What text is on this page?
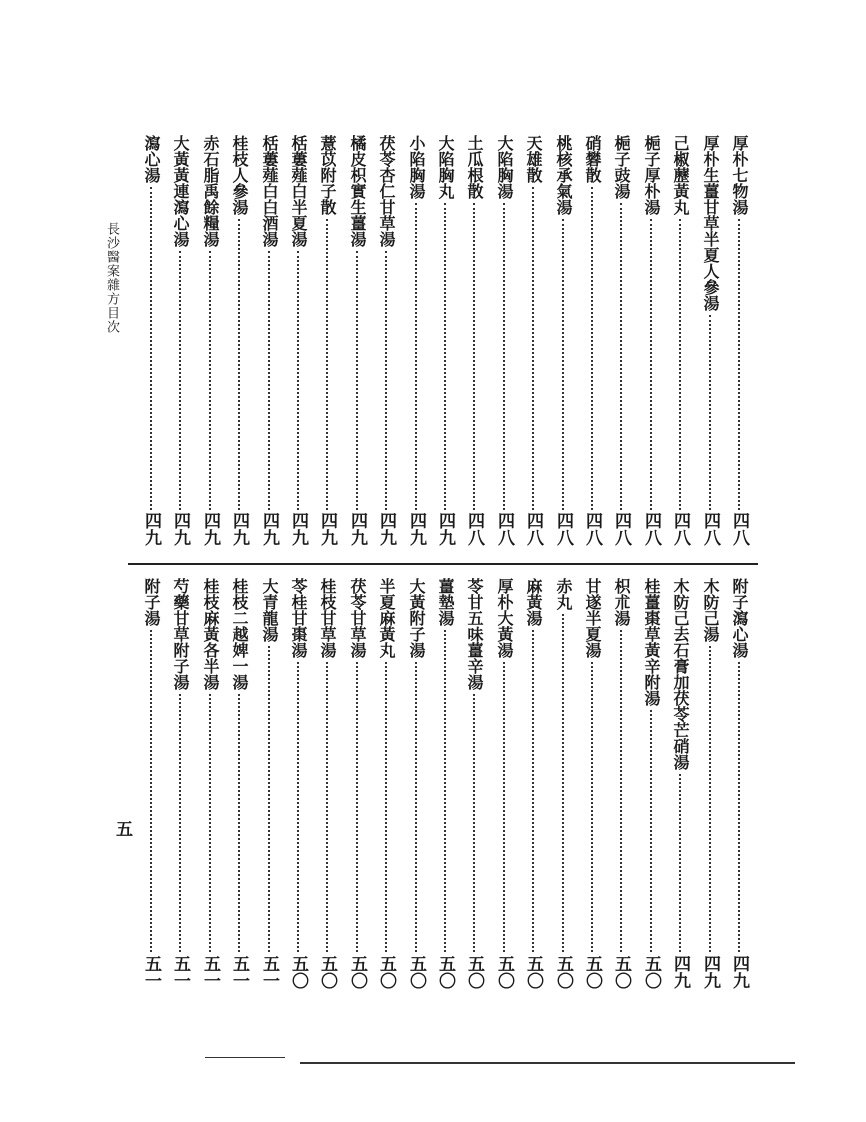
長沙醫案雜方目次
五
厚朴七物湯
四八
厚朴生薑甘草半夏人參湯
四八
己椒藶黃丸
四八
梔子厚朴湯
四八
梔子豉湯
四八
硝礬散
四八
桃核承氣湯
四八
天雄散
四八
大陷胸湯
四八
土瓜根散
四八
大陷胸丸
四九
小陷胸湯
四九
茯苓杏仁甘草湯
四九
橘皮枳實生薑湯
四九
薏苡附子散
四九
栝蔞薤白半夏湯
四九
栝蔞薤白白酒湯
四九
桂枝人參湯
四九
赤石脂禹餘糧湯
四九
大黃黃連瀉心湯
四九
瀉心湯
四九
附子瀉心湯
四九
木防己湯
四九
木防己去石膏加茯苓芒硝湯
四九
桂薑棗草黃辛附湯
五〇
枳朮湯
五〇
甘遂半夏湯
五〇
赤丸
五〇
麻黃湯
五〇
厚朴大黃湯
五〇
苓甘五味薑辛湯
五〇
薑墊湯
五〇
大黃附子湯
五〇
半夏麻黃丸
五〇
茯苓甘草湯
五〇
桂枝甘草湯
五〇
苓桂甘棗湯
五〇
大青龍湯
五一
桂枝二越婢一湯
五一
桂枝麻黃各半湯
五一
芍藥甘草附子湯
五一
附子湯
五一
